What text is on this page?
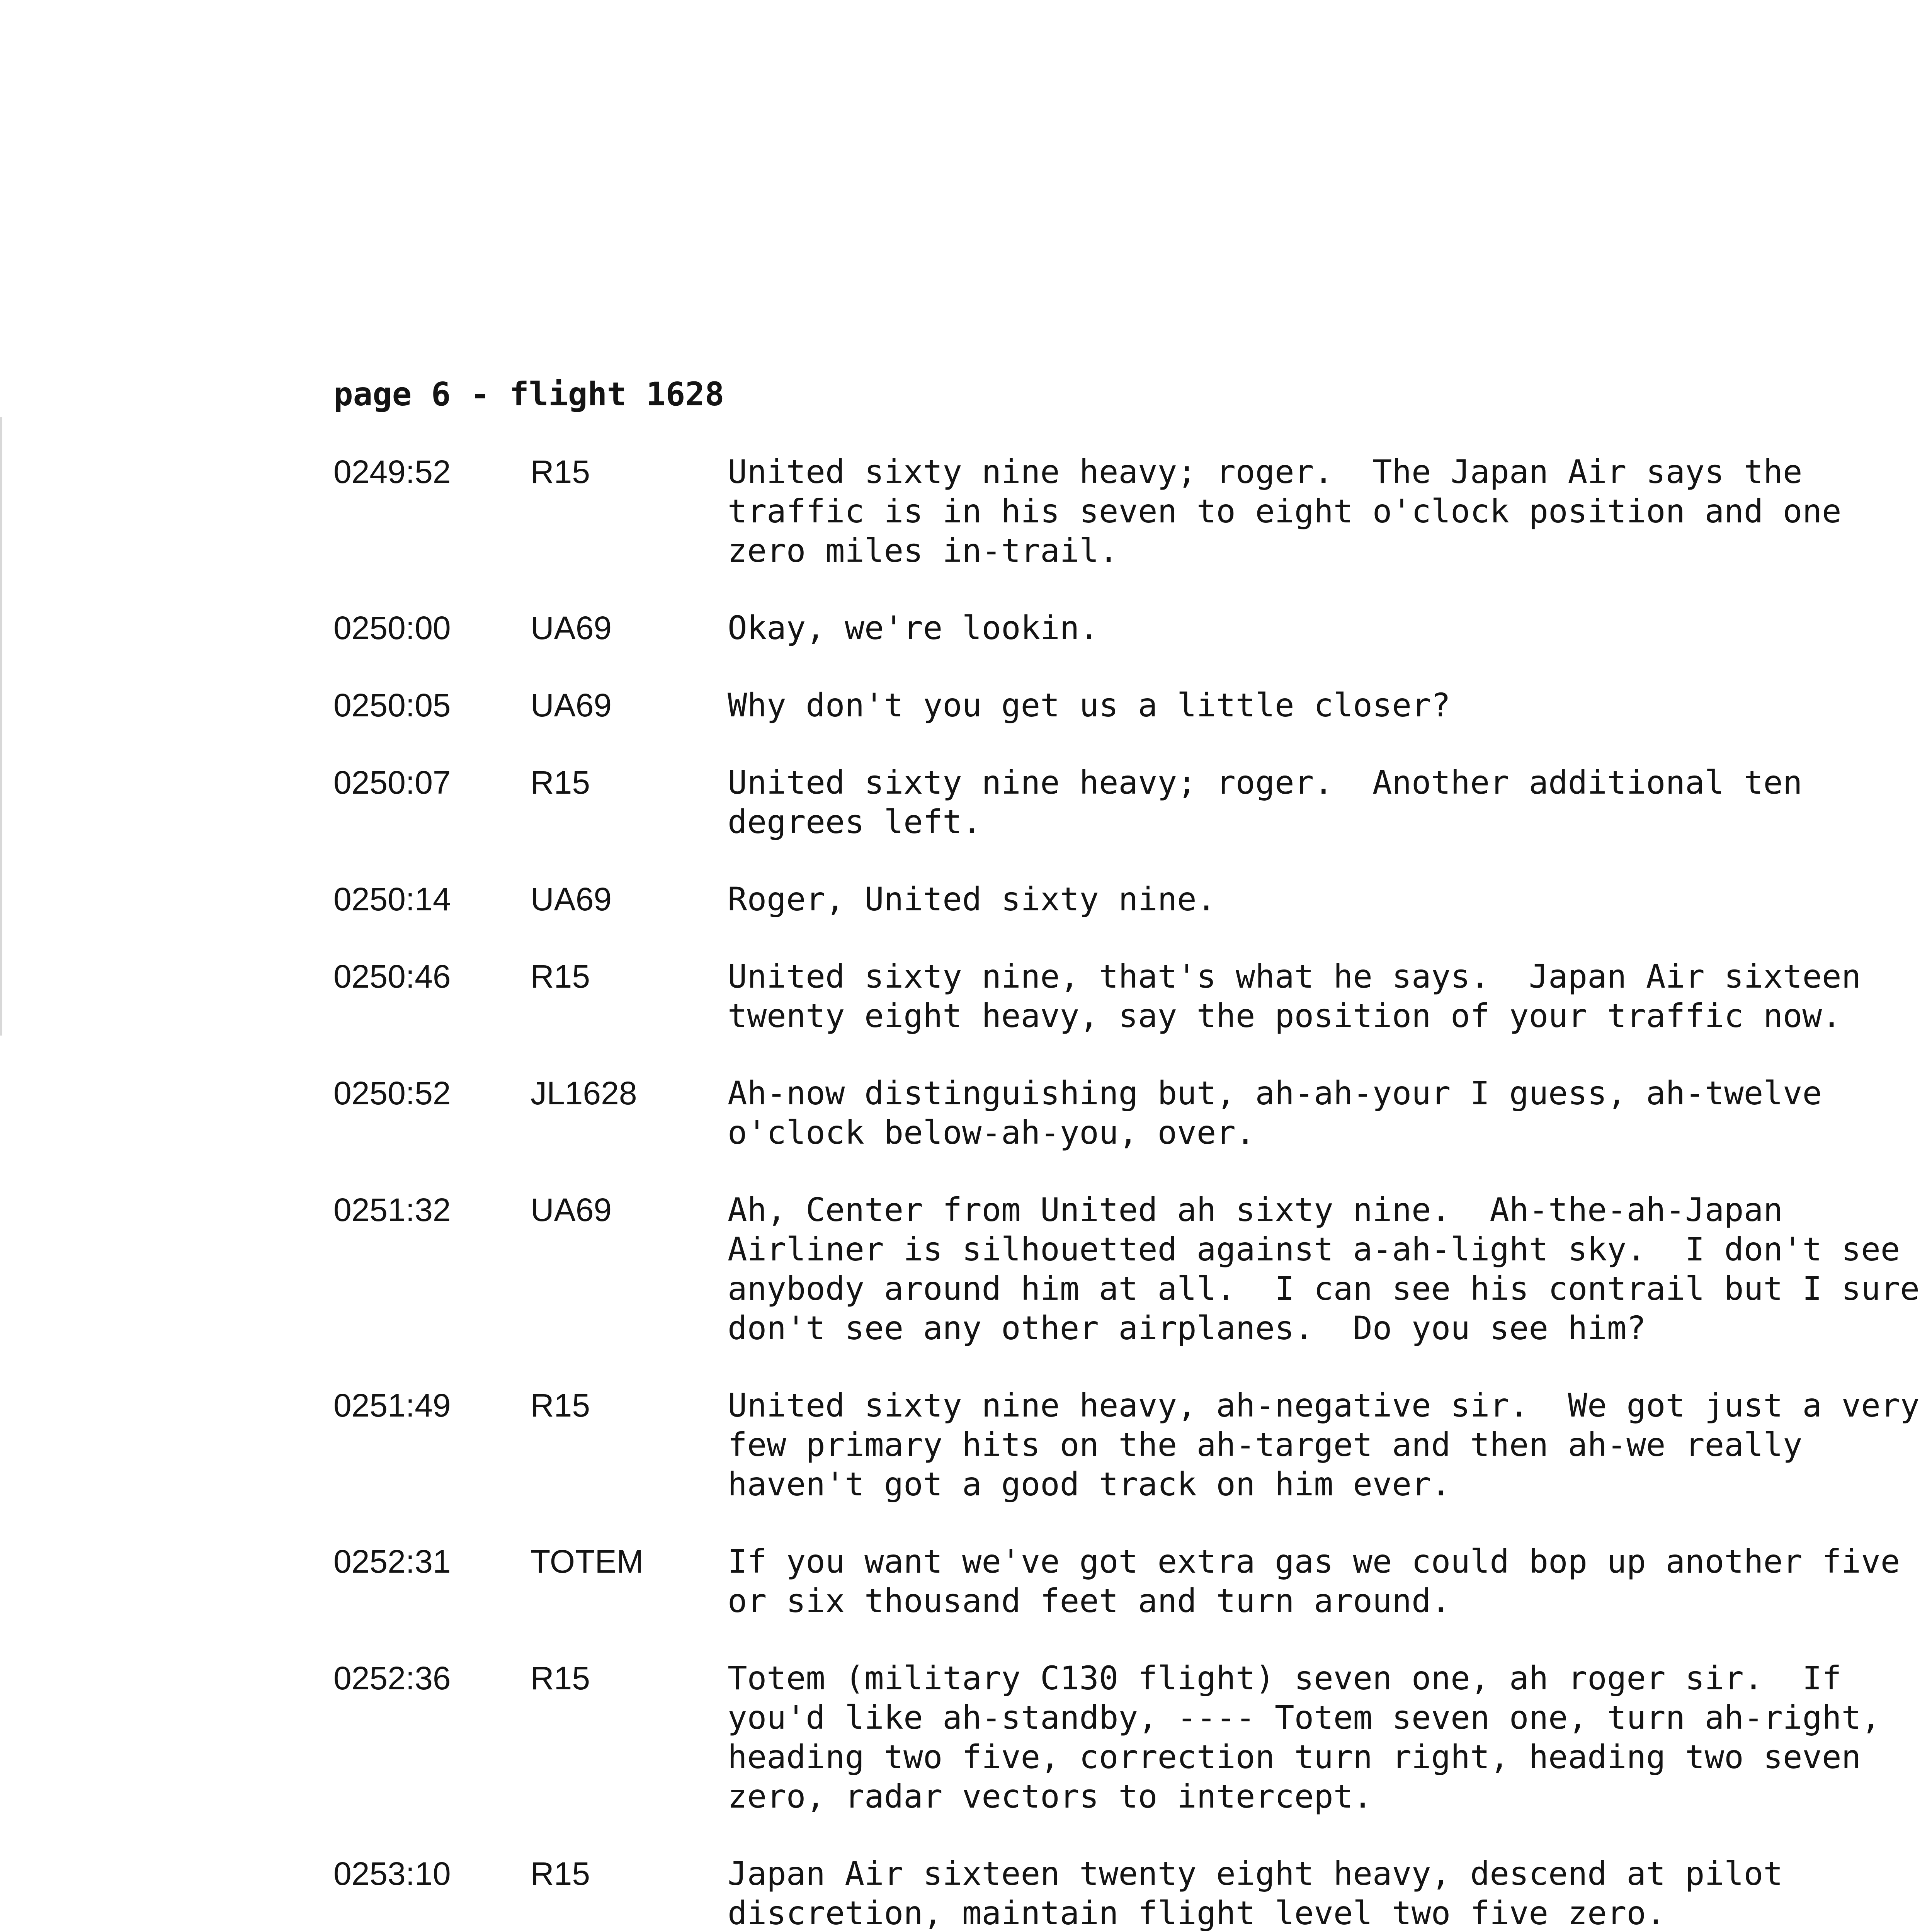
page 6 - flight 1628
0249:52	R15	United sixty nine heavy; roger.  The Japan Air says the
traffic is in his seven to eight o'clock position and one
zero miles in-trail.
0250:00	UA69	Okay, we're lookin.
0250:05	UA69	Why don't you get us a little closer?
0250:07	R15	United sixty nine heavy; roger.  Another additional ten
degrees left.
0250:14	UA69	Roger, United sixty nine.
0250:46	R15	United sixty nine, that's what he says.  Japan Air sixteen
twenty eight heavy, say the position of your traffic now.
0250:52	JL1628	Ah-now distinguishing but, ah-ah-your I guess, ah-twelve
o'clock below-ah-you, over.
0251:32	UA69	Ah, Center from United ah sixty nine.  Ah-the-ah-Japan
Airliner is silhouetted against a-ah-light sky.  I don't see
anybody around him at all.  I can see his contrail but I sure
don't see any other airplanes.  Do you see him?
0251:49	R15	United sixty nine heavy, ah-negative sir.  We got just a very
few primary hits on the ah-target and then ah-we really
haven't got a good track on him ever.
0252:31	TOTEM	If you want we've got extra gas we could bop up another five
or six thousand feet and turn around.
0252:36	R15	Totem (military C130 flight) seven one, ah roger sir.  If
you'd like ah-standby, ---- Totem seven one, turn ah-right,
heading two five, correction turn right, heading two seven
zero, radar vectors to intercept.
0253:10	R15	Japan Air sixteen twenty eight heavy, descend at pilot
discretion, maintain flight level two five zero.
